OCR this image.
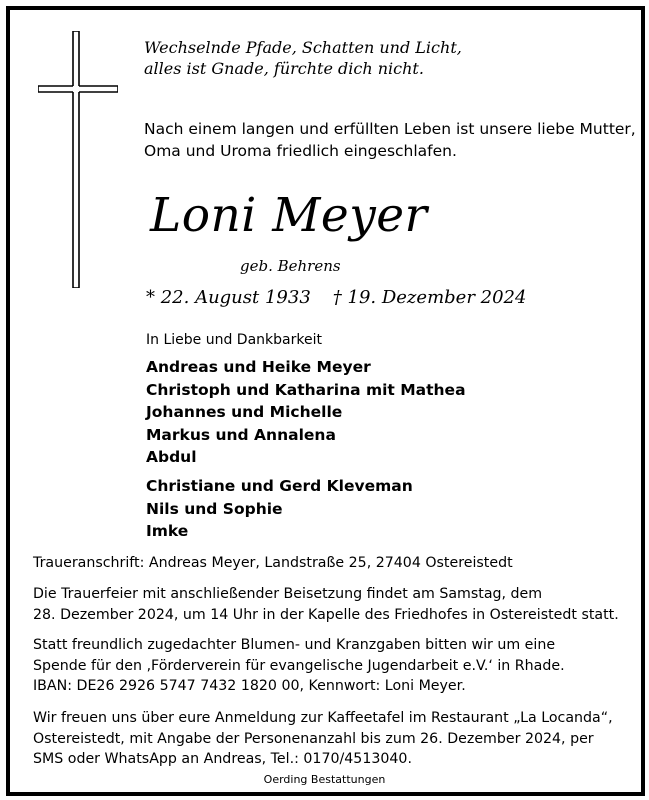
Wechselnde Pfade, Schatten und Licht,
alles ist Gnade, fürchte dich nicht.
Nach einem langen und erfüllten Leben ist unsere liebe Mutter,
Oma und Uroma friedlich eingeschlafen.
Loni Meyer
geb. Behrens
* 22. August 1933 † 19. Dezember 2024
In Liebe und Dankbarkeit
Andreas und Heike Meyer
Christoph und Katharina mit Mathea
Johannes und Michelle
Markus und Annalena
Abdul
Christiane und Gerd Kleveman
Nils und Sophie
Imke
Traueranschrift: Andreas Meyer, Landstraße 25, 27404 Ostereistedt
Die Trauerfeier mit anschließender Beisetzung findet am Samstag, dem
28. Dezember 2024, um 14 Uhr in der Kapelle des Friedhofes in Ostereistedt statt.
Statt freundlich zugedachter Blumen- und Kranzgaben bitten wir um eine
Spende für den ‚Förderverein für evangelische Jugendarbeit e.V.‘ in Rhade.
IBAN: DE26 2926 5747 7432 1820 00, Kennwort: Loni Meyer.
Wir freuen uns über eure Anmeldung zur Kaffeetafel im Restaurant „La Locanda“,
Ostereistedt, mit Angabe der Personenanzahl bis zum 26. Dezember 2024, per
SMS oder WhatsApp an Andreas, Tel.: 0170/4513040.
Oerding Bestattungen
